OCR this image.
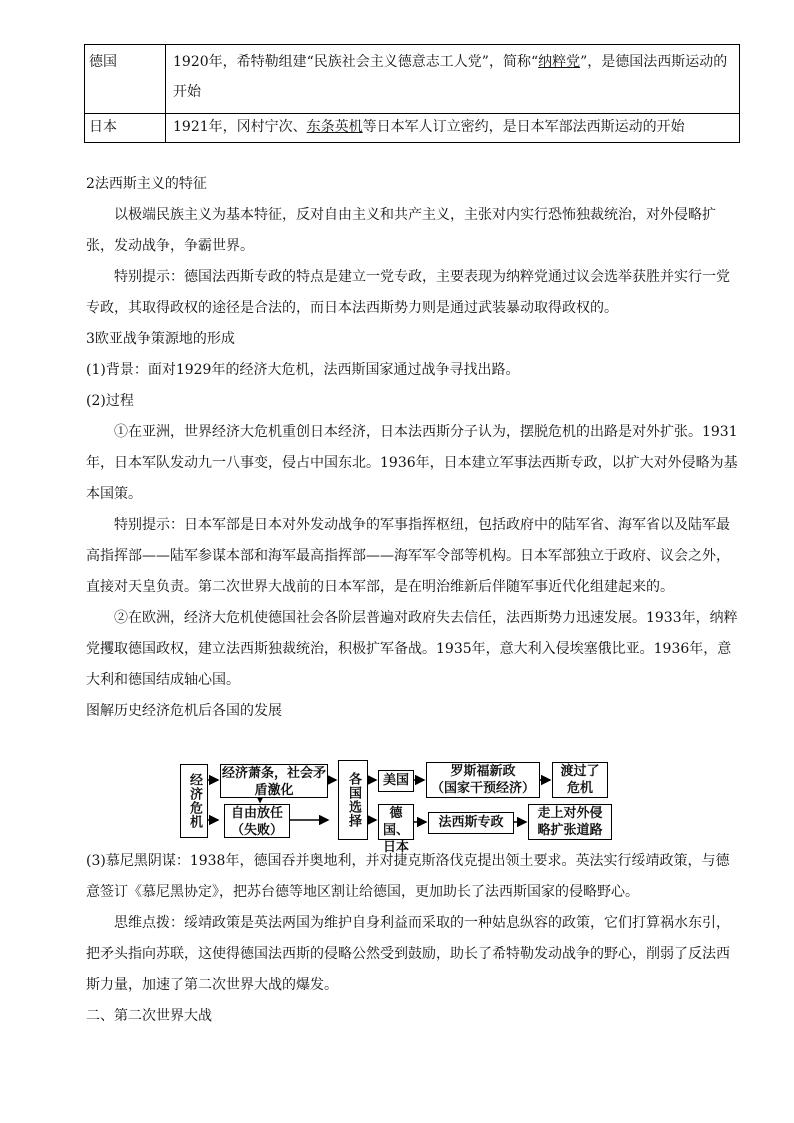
德国	1920年，希特勒组建“民族社会主义德意志工人党”，简称“纳粹党”，是德国法西斯运动的开始
日本	1921年，冈村宁次、东条英机等日本军人订立密约，是日本军部法西斯运动的开始
2法西斯主义的特征
以极端民族主义为基本特征，反对自由主义和共产主义，主张对内实行恐怖独裁统治，对外侵略扩张，发动战争，争霸世界。
特别提示：德国法西斯专政的特点是建立一党专政，主要表现为纳粹党通过议会选举获胜并实行一党专政，其取得政权的途径是合法的，而日本法西斯势力则是通过武装暴动取得政权的。
3欧亚战争策源地的形成
(1)背景：面对1929年的经济大危机，法西斯国家通过战争寻找出路。
(2)过程
①在亚洲，世界经济大危机重创日本经济，日本法西斯分子认为，摆脱危机的出路是对外扩张。1931年，日本军队发动九一八事变，侵占中国东北。1936年，日本建立军事法西斯专政，以扩大对外侵略为基本国策。
特别提示：日本军部是日本对外发动战争的军事指挥枢纽，包括政府中的陆军省、海军省以及陆军最高指挥部——陆军参谋本部和海军最高指挥部——海军军令部等机构。日本军部独立于政府、议会之外，直接对天皇负责。第二次世界大战前的日本军部，是在明治维新后伴随军事近代化组建起来的。
②在欧洲，经济大危机使德国社会各阶层普遍对政府失去信任，法西斯势力迅速发展。1933年，纳粹党攫取德国政权，建立法西斯独裁统治，积极扩军备战。1935年，意大利入侵埃塞俄比亚。1936年，意大利和德国结成轴心国。
图解历史经济危机后各国的发展
经济危机	经济萧条，社会矛盾激化
自由放任
（失败）
各国选择	美国
罗斯福新政
（国家干预经济）
渡过了
危机
德国、
日本
法西斯专政
走上对外侵
略扩张道路
(3)慕尼黑阴谋：1938年，德国吞并奥地利，并对捷克斯洛伐克提出领土要求。英法实行绥靖政策，与德意签订《慕尼黑协定》，把苏台德等地区割让给德国，更加助长了法西斯国家的侵略野心。
思维点拨：绥靖政策是英法两国为维护自身利益而采取的一种姑息纵容的政策，它们打算祸水东引，把矛头指向苏联，这使得德国法西斯的侵略公然受到鼓励，助长了希特勒发动战争的野心，削弱了反法西斯力量，加速了第二次世界大战的爆发。
二、第二次世界大战
